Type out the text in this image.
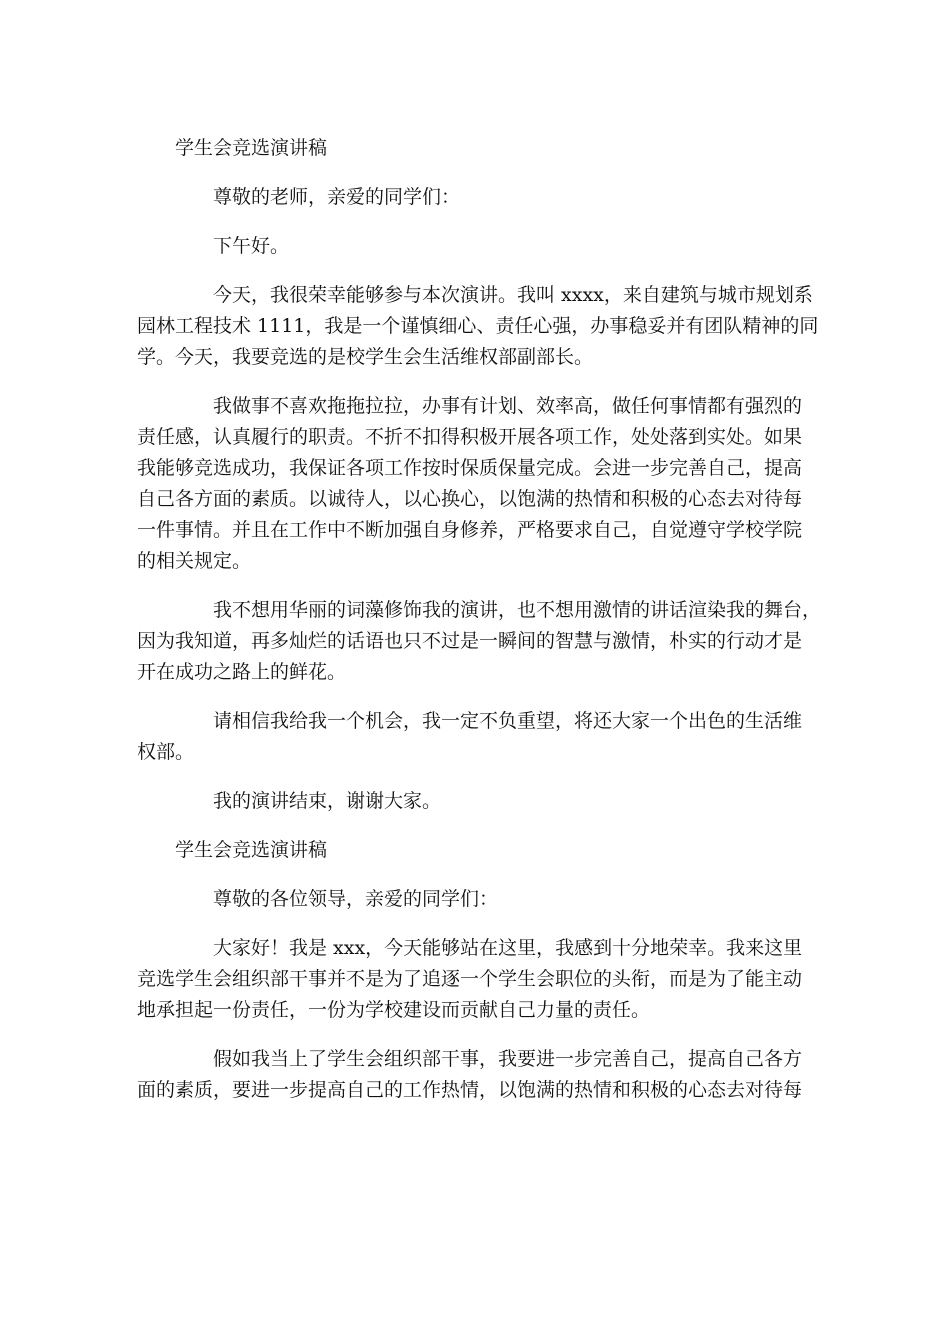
学生会竞选演讲稿
尊敬的老师，亲爱的同学们：
下午好。
今天，我很荣幸能够参与本次演讲。我叫 xxxx，来自建筑与城市规划系
园林工程技术 1111，我是一个谨慎细心、责任心强，办事稳妥并有团队精神的同
学。今天，我要竞选的是校学生会生活维权部副部长。
我做事不喜欢拖拖拉拉，办事有计划、效率高，做任何事情都有强烈的
责任感，认真履行的职责。不折不扣得积极开展各项工作，处处落到实处。如果
我能够竞选成功，我保证各项工作按时保质保量完成。会进一步完善自己，提高
自己各方面的素质。以诚待人，以心换心，以饱满的热情和积极的心态去对待每
一件事情。并且在工作中不断加强自身修养，严格要求自己，自觉遵守学校学院
的相关规定。
我不想用华丽的词藻修饰我的演讲，也不想用激情的讲话渲染我的舞台，
因为我知道，再多灿烂的话语也只不过是一瞬间的智慧与激情，朴实的行动才是
开在成功之路上的鲜花。
请相信我给我一个机会，我一定不负重望，将还大家一个出色的生活维
权部。
我的演讲结束，谢谢大家。
学生会竞选演讲稿
尊敬的各位领导，亲爱的同学们：
大家好！我是 xxx，今天能够站在这里，我感到十分地荣幸。我来这里
竞选学生会组织部干事并不是为了追逐一个学生会职位的头衔，而是为了能主动
地承担起一份责任，一份为学校建设而贡献自己力量的责任。
假如我当上了学生会组织部干事，我要进一步完善自己，提高自己各方
面的素质，要进一步提高自己的工作热情，以饱满的热情和积极的心态去对待每
